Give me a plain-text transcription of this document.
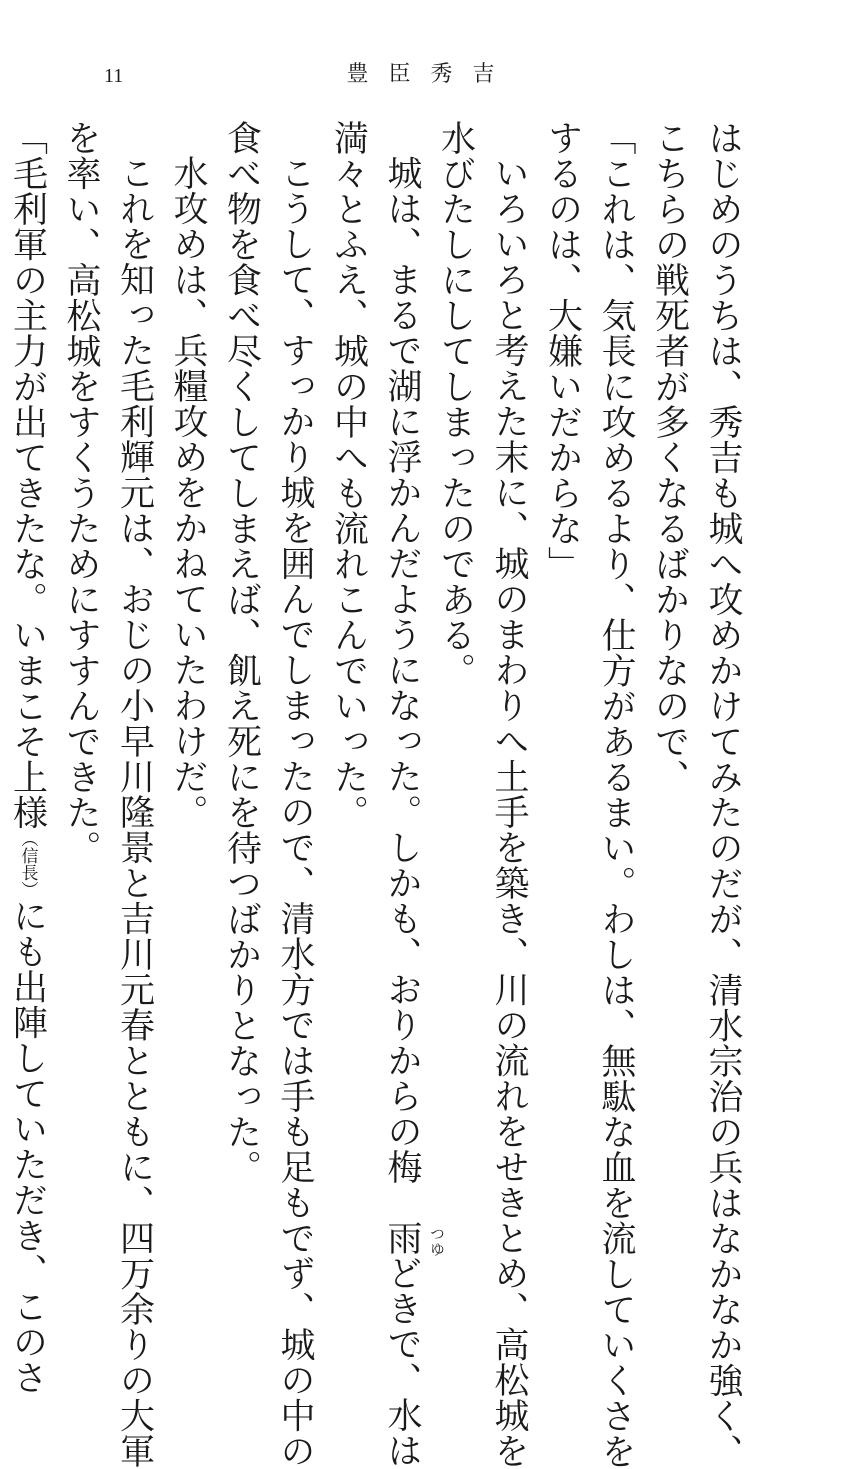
11	豊臣秀吉

はじめのうちは、秀吉も城へ攻めかけてみたのだが、清水宗治の兵はなかなか強く、

こちらの戦死者が多くなるばかりなので、

「これは、気長に攻めるより、仕方があるまい。わしは、無駄な血を流していくさを

するのは、大嫌いだからな」

いろいろと考えた末に、城のまわりへ土手を築き、川の流れをせきとめ、高松城を

水びたしにしてしまったのである。

城は、まるで湖に浮かんだようになった。しかも、おりからの梅雨 つゆ
どきで、水は

満々とふえ、城の中へも流れこんでいった。

こうして、すっかり城を囲んでしまったので、清水方では手も足もでず、城の中の

食べ物を食べ尽くしてしまえば、飢え死にを待つばかりとなった。

水攻めは、兵糧攻めをかねていたわけだ。

これを知った毛利輝元は、おじの小早川隆景と吉川元春とともに、四万余りの大軍

を率い、高松城をすくうためにすすんできた。

「毛利軍の主力が出てきたな。いまこそ上様（信長）にも出陣していただき、このさ
